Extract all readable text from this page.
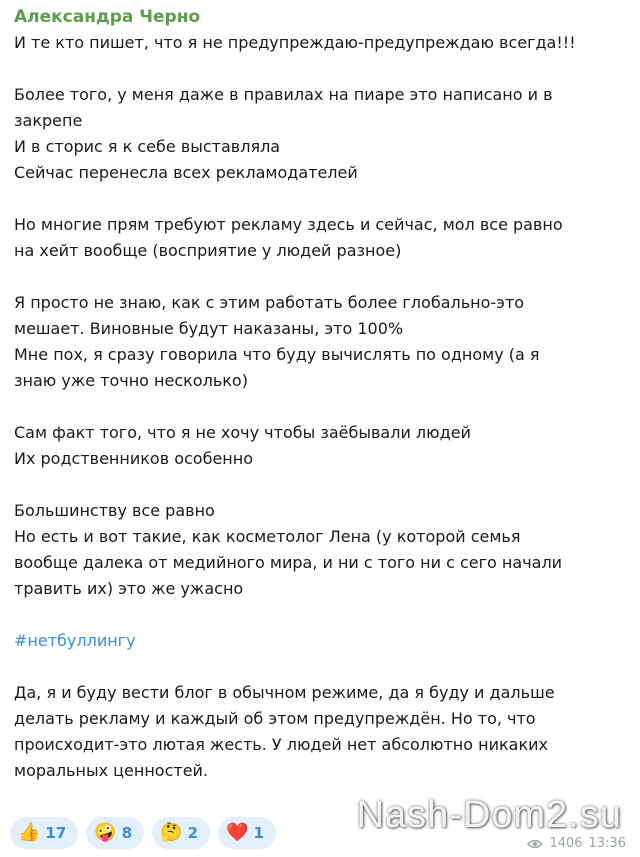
Александра Черно
И те кто пишет, что я не предупреждаю-предупреждаю всегда!!!
Более того, у меня даже в правилах на пиаре это написано и в
закрепе
И в сторис я к себе выставляла
Сейчас перенесла всех рекламодателей
Но многие прям требуют рекламу здесь и сейчас, мол все равно
на хейт вообще (восприятие у людей разное)
Я просто не знаю, как с этим работать более глобально-это
мешает. Виновные будут наказаны, это 100%
Мне пох, я сразу говорила что буду вычислять по одному (а я
знаю уже точно несколько)
Сам факт того, что я не хочу чтобы заёбывали людей
Их родственников особенно
Большинству все равно
Но есть и вот такие, как косметолог Лена (у которой семья
вообще далека от медийного мира, и ни с того ни с сего начали
травить их) это же ужасно
#нетбуллингу
Да, я и буду вести блог в обычном режиме, да я буду и дальше
делать рекламу и каждый об этом предупреждён. Но то, что
происходит-это лютая жесть. У людей нет абсолютно никаких
моральных ценностей.
👍 17 🤪 8 🤔 2 ❤️ 1 Nash-Dom2.su
1406 13:36
